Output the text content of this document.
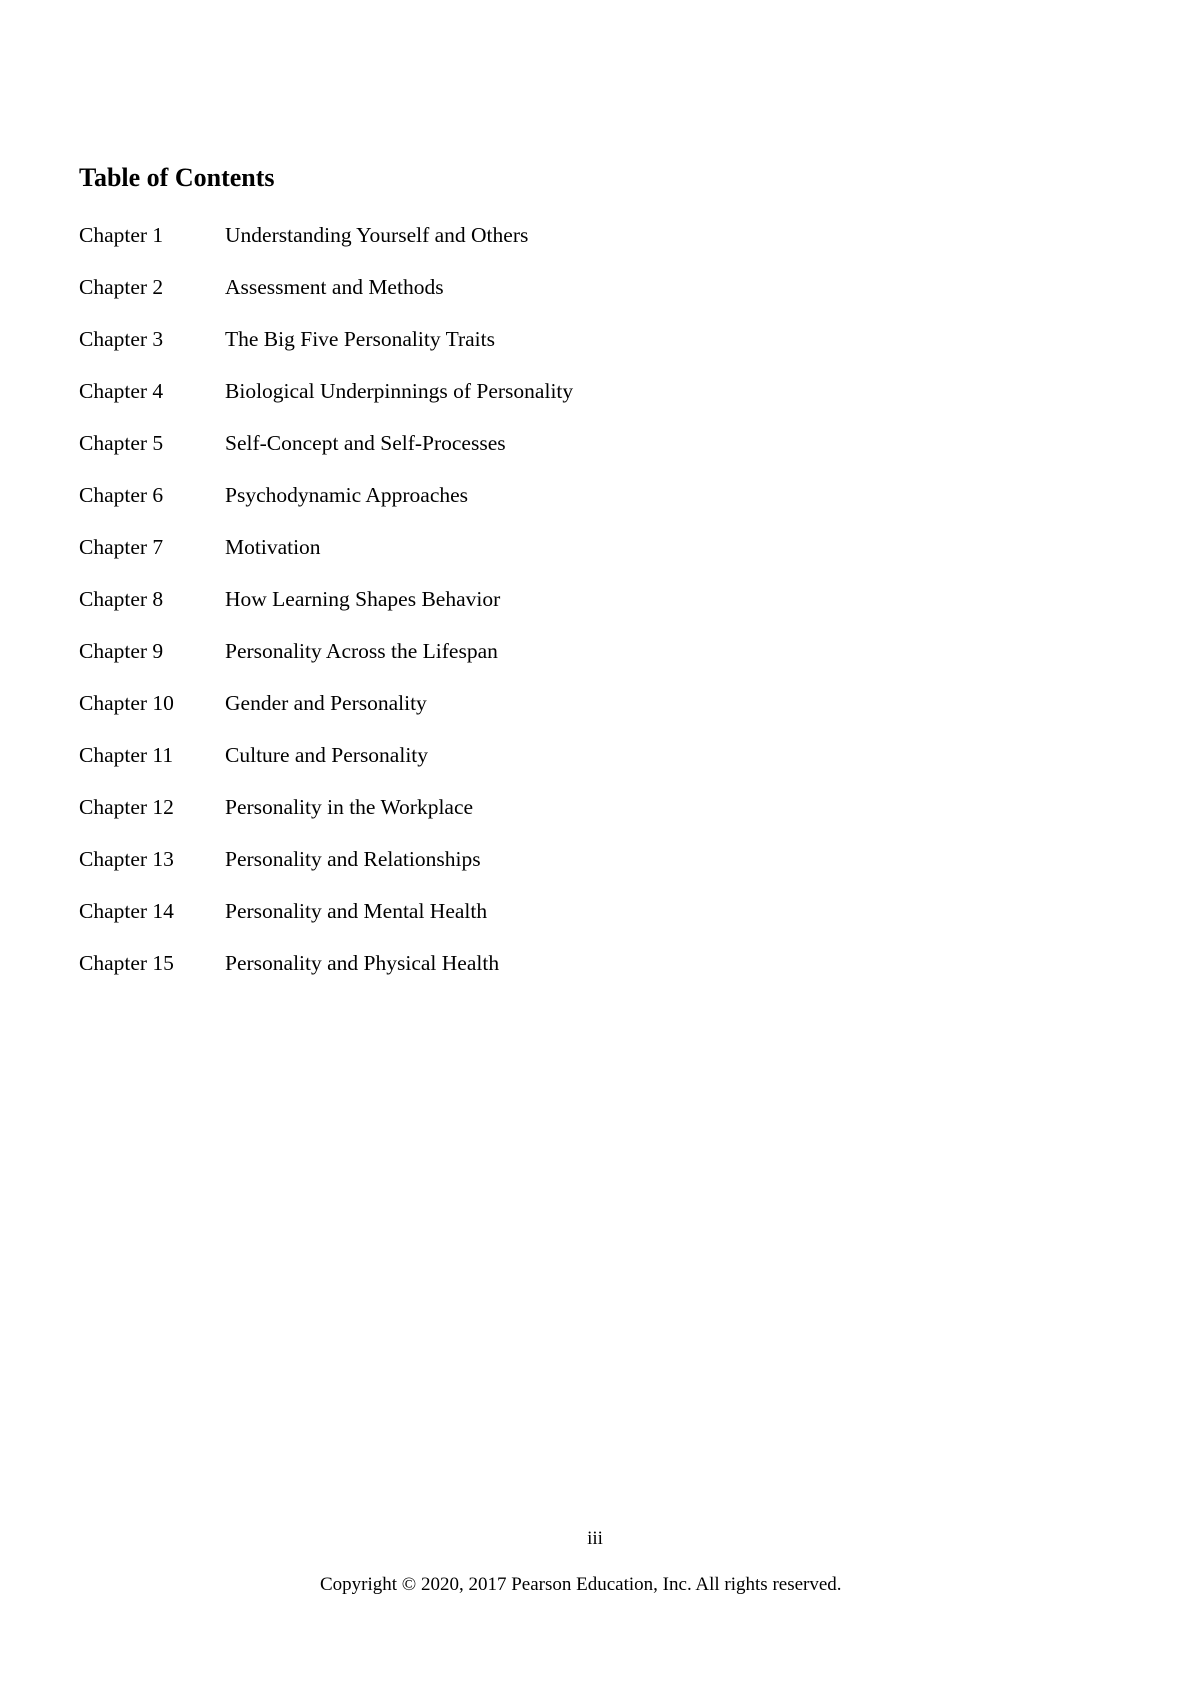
Table of Contents
Chapter 1	Understanding Yourself and Others
Chapter 2	Assessment and Methods
Chapter 3	The Big Five Personality Traits
Chapter 4	Biological Underpinnings of Personality
Chapter 5	Self-Concept and Self-Processes
Chapter 6	Psychodynamic Approaches
Chapter 7	Motivation
Chapter 8	How Learning Shapes Behavior
Chapter 9	Personality Across the Lifespan
Chapter 10	Gender and Personality
Chapter 11	Culture and Personality
Chapter 12	Personality in the Workplace
Chapter 13	Personality and Relationships
Chapter 14	Personality and Mental Health
Chapter 15	Personality and Physical Health
iii
Copyright © 2020, 2017 Pearson Education, Inc. All rights reserved.
